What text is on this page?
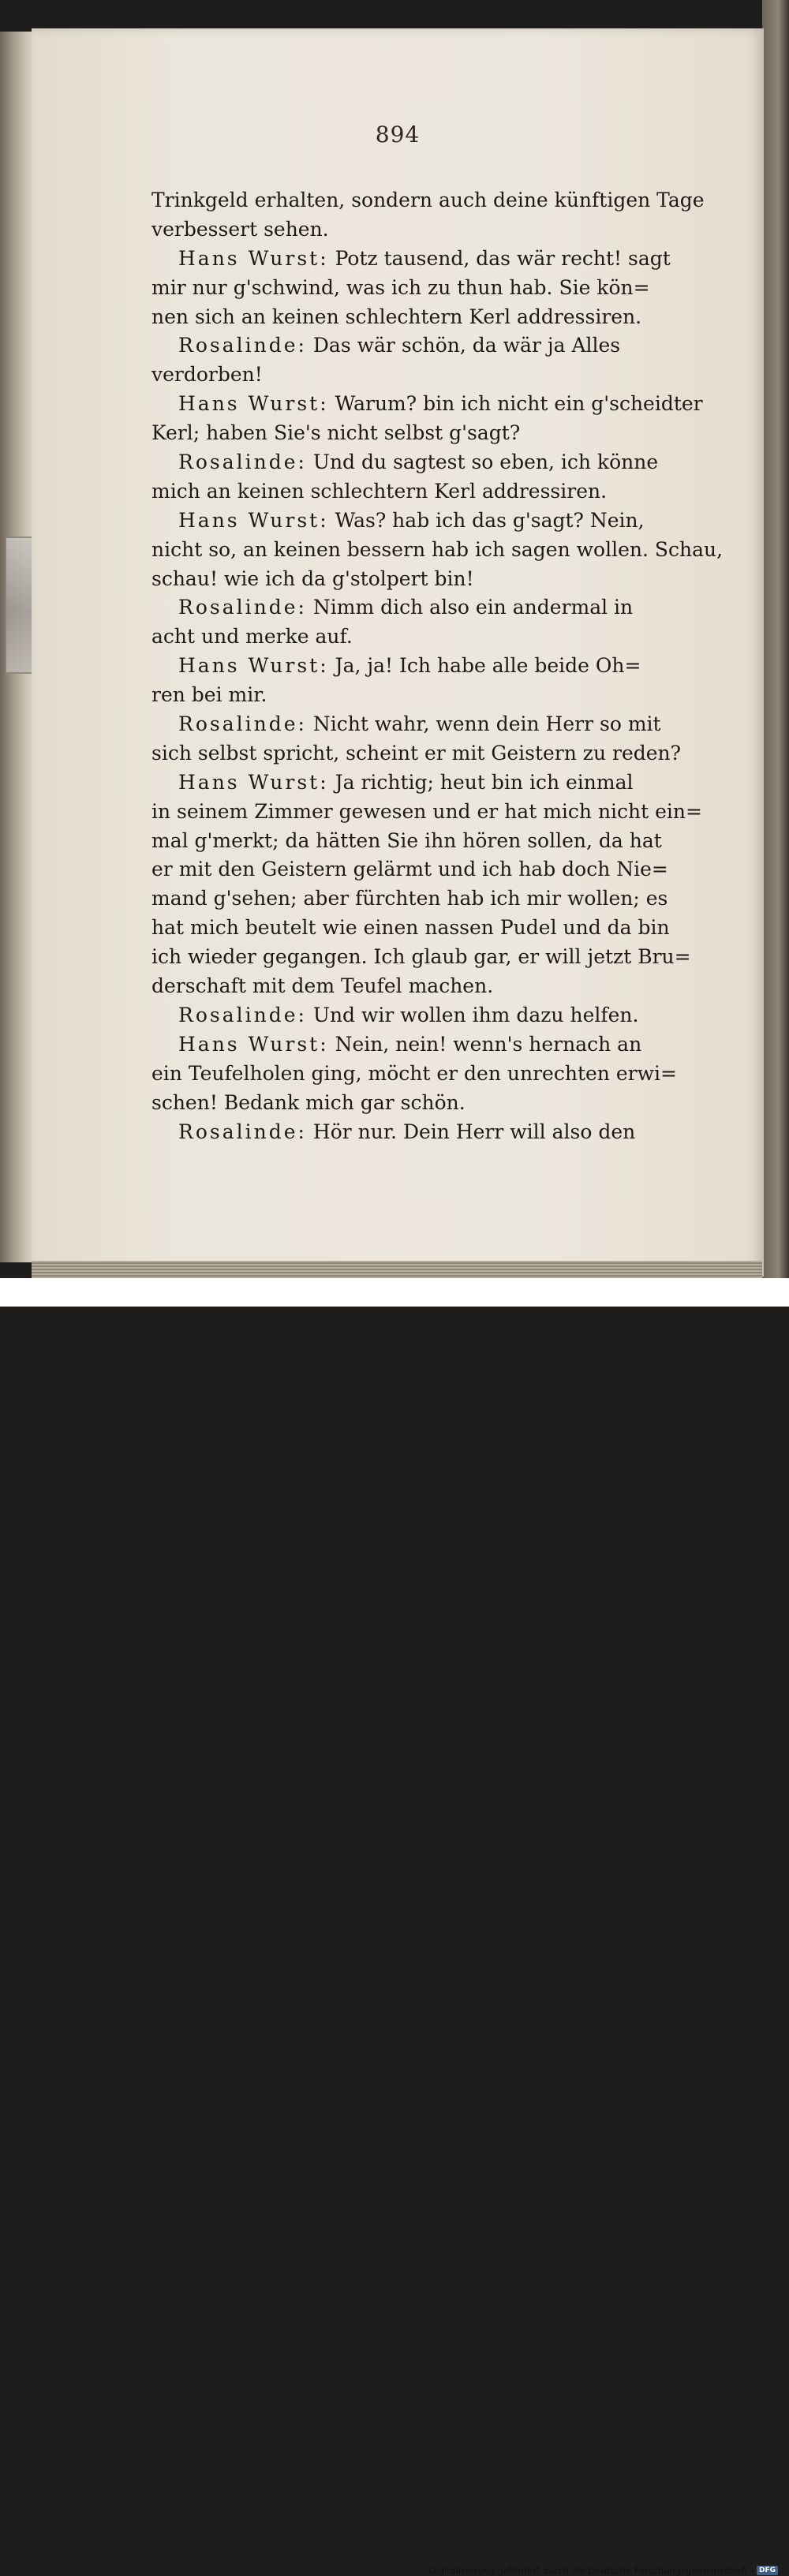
894
Trinkgeld erhalten, sondern auch deine künftigen Tage
verbessert sehen.
Hans Wurst: Potz tausend, das wär recht! sagt
mir nur g'schwind, was ich zu thun hab. Sie kön=
nen sich an keinen schlechtern Kerl addressiren.
Rosalinde: Das wär schön, da wär ja Alles
verdorben!
Hans Wurst: Warum? bin ich nicht ein g'scheidter
Kerl; haben Sie's nicht selbst g'sagt?
Rosalinde: Und du sagtest so eben, ich könne
mich an keinen schlechtern Kerl addressiren.
Hans Wurst: Was? hab ich das g'sagt? Nein,
nicht so, an keinen bessern hab ich sagen wollen. Schau,
schau! wie ich da g'stolpert bin!
Rosalinde: Nimm dich also ein andermal in
acht und merke auf.
Hans Wurst: Ja, ja! Ich habe alle beide Oh=
ren bei mir.
Rosalinde: Nicht wahr, wenn dein Herr so mit
sich selbst spricht, scheint er mit Geistern zu reden?
Hans Wurst: Ja richtig; heut bin ich einmal
in seinem Zimmer gewesen und er hat mich nicht ein=
mal g'merkt; da hätten Sie ihn hören sollen, da hat
er mit den Geistern gelärmt und ich hab doch Nie=
mand g'sehen; aber fürchten hab ich mir wollen; es
hat mich beutelt wie einen nassen Pudel und da bin
ich wieder gegangen. Ich glaub gar, er will jetzt Bru=
derschaft mit dem Teufel machen.
Rosalinde: Und wir wollen ihm dazu helfen.
Hans Wurst: Nein, nein! wenn's hernach an
ein Teufelholen ging, möcht er den unrechten erwi=
schen! Bedank mich gar schön.
Rosalinde: Hör nur. Dein Herr will also den
Digitalisierung gefördert durch die Deutsche Forschungsgemeinschaft - DFG
